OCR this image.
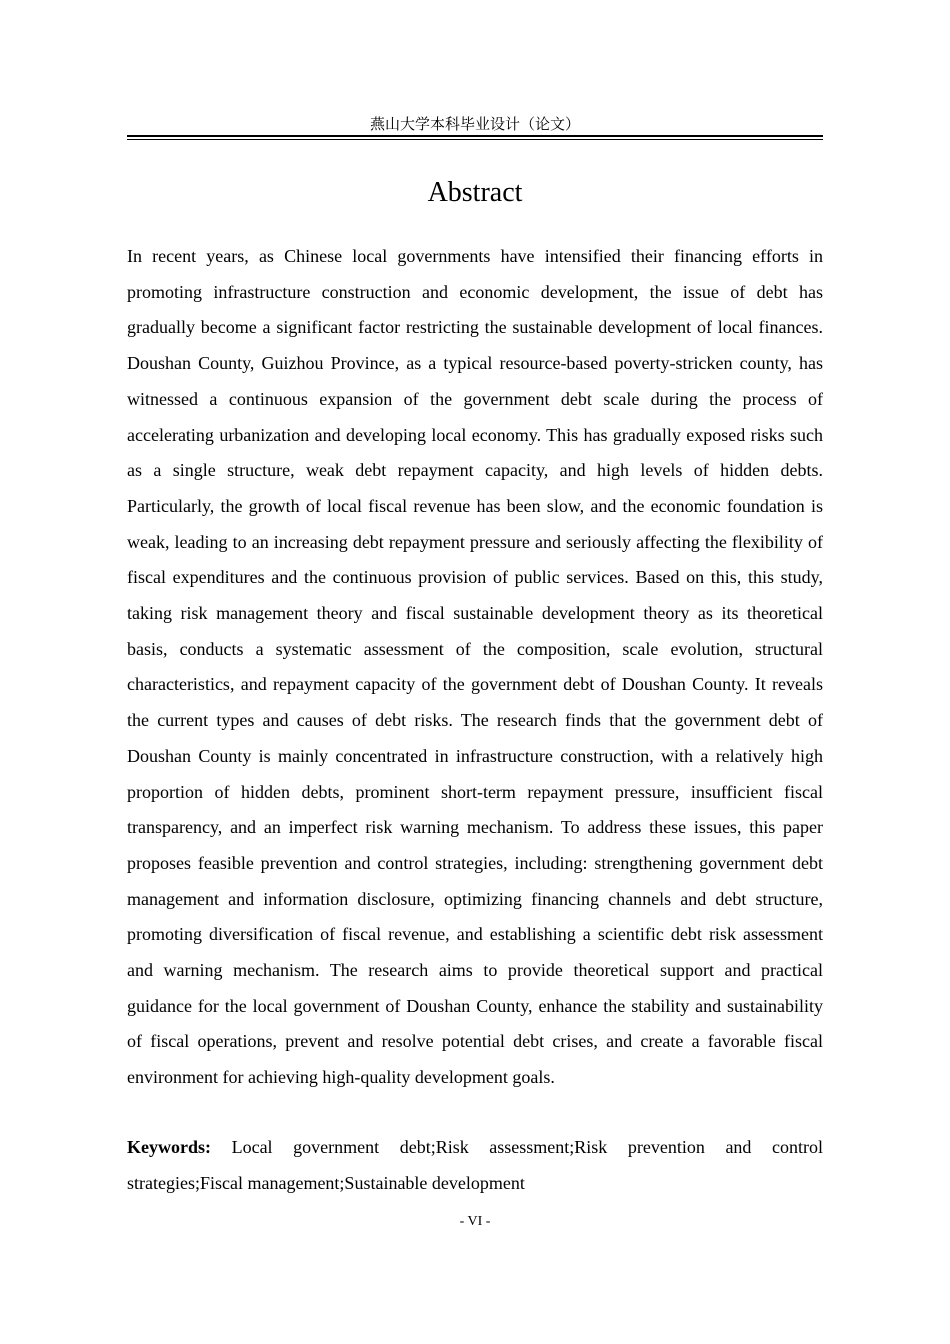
燕山大学本科毕业设计（论文）
Abstract

In recent years, as Chinese local governments have intensified their financing efforts in promoting infrastructure construction and economic development, the issue of debt has gradually become a significant factor restricting the sustainable development of local finances. Doushan County, Guizhou Province, as a typical resource-based poverty-stricken county, has witnessed a continuous expansion of the government debt scale during the process of accelerating urbanization and developing local economy. This has gradually exposed risks such as a single structure, weak debt repayment capacity, and high levels of hidden debts. Particularly, the growth of local fiscal revenue has been slow, and the economic foundation is weak, leading to an increasing debt repayment pressure and seriously affecting the flexibility of fiscal expenditures and the continuous provision of public services. Based on this, this study, taking risk management theory and fiscal sustainable development theory as its theoretical basis, conducts a systematic assessment of the composition, scale evolution, structural characteristics, and repayment capacity of the government debt of Doushan County. It reveals the current types and causes of debt risks. The research finds that the government debt of Doushan County is mainly concentrated in infrastructure construction, with a relatively high proportion of hidden debts, prominent short-term repayment pressure, insufficient fiscal transparency, and an imperfect risk warning mechanism. To address these issues, this paper proposes feasible prevention and control strategies, including: strengthening government debt management and information disclosure, optimizing financing channels and debt structure, promoting diversification of fiscal revenue, and establishing a scientific debt risk assessment and warning mechanism. The research aims to provide theoretical support and practical guidance for the local government of Doushan County, enhance the stability and sustainability of fiscal operations, prevent and resolve potential debt crises, and create a favorable fiscal environment for achieving high-quality development goals.

Keywords: Local government debt;Risk assessment;Risk prevention and control strategies;Fiscal management;Sustainable development

- VI -
